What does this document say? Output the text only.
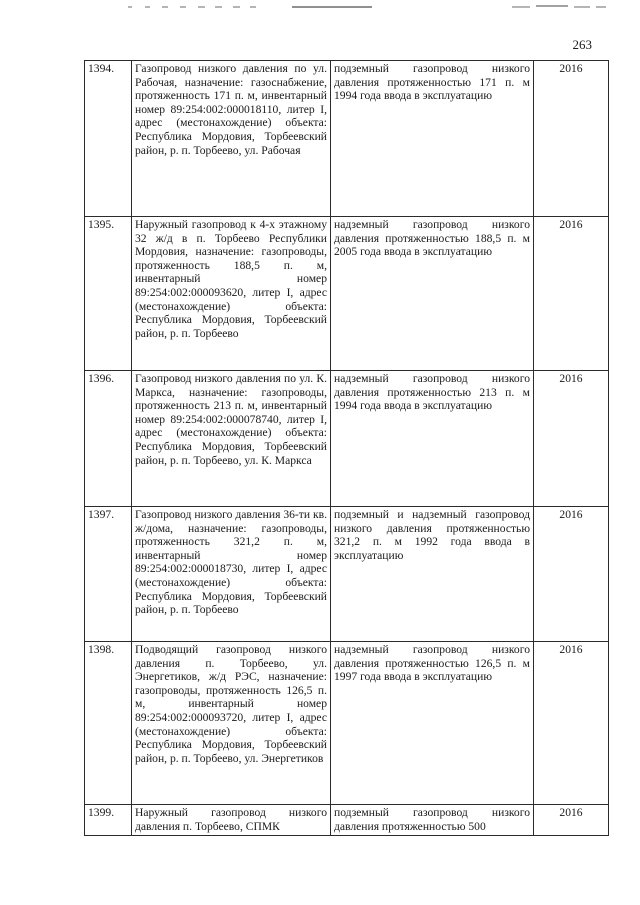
263
1394.	Газопровод низкого давления по ул. Рабочая, назначение: газоснабжение, протяженность 171 п. м, инвентарный номер 89:254:002:000018110, литер I, адрес (местонахождение) объекта: Республика Мордовия, Торбеевский район, р. п. Торбеево, ул. Рабочая	подземный газопровод низкого давления протяженностью 171 п. м 1994 года ввода в эксплуатацию	2016
1395.	Наружный газопровод к 4-х этажному 32 ж/д в п. Торбеево Республики Мордовия, назначение: газопроводы, протяженность 188,5 п. м, инвентарный номер 89:254:002:000093620, литер I, адрес (местонахождение) объекта: Республика Мордовия, Торбеевский район, р. п. Торбеево	надземный газопровод низкого давления протяженностью 188,5 п. м 2005 года ввода в эксплуатацию	2016
1396.	Газопровод низкого давления по ул. К. Маркса, назначение: газопроводы, протяженность 213 п. м, инвентарный номер 89:254:002:000078740, литер I, адрес (местонахождение) объекта: Республика Мордовия, Торбеевский район, р. п. Торбеево, ул. К. Маркса	надземный газопровод низкого давления протяженностью 213 п. м 1994 года ввода в эксплуатацию	2016
1397.	Газопровод низкого давления 36-ти кв. ж/дома, назначение: газопроводы, протяженность 321,2 п. м, инвентарный номер 89:254:002:000018730, литер I, адрес (местонахождение) объекта: Республика Мордовия, Торбеевский район, р. п. Торбеево	подземный и надземный газопровод низкого давления протяженностью 321,2 п. м 1992 года ввода в эксплуатацию	2016
1398.	Подводящий газопровод низкого давления п. Торбеево, ул. Энергетиков, ж/д РЭС, назначение: газопроводы, протяженность 126,5 п. м, инвентарный номер 89:254:002:000093720, литер I, адрес (местонахождение) объекта: Республика Мордовия, Торбеевский район, р. п. Торбеево, ул. Энергетиков	надземный газопровод низкого давления протяженностью 126,5 п. м 1997 года ввода в эксплуатацию	2016
1399.	Наружный газопровод низкого давления п. Торбеево, СПМК	подземный газопровод низкого давления протяженностью 500	2016
